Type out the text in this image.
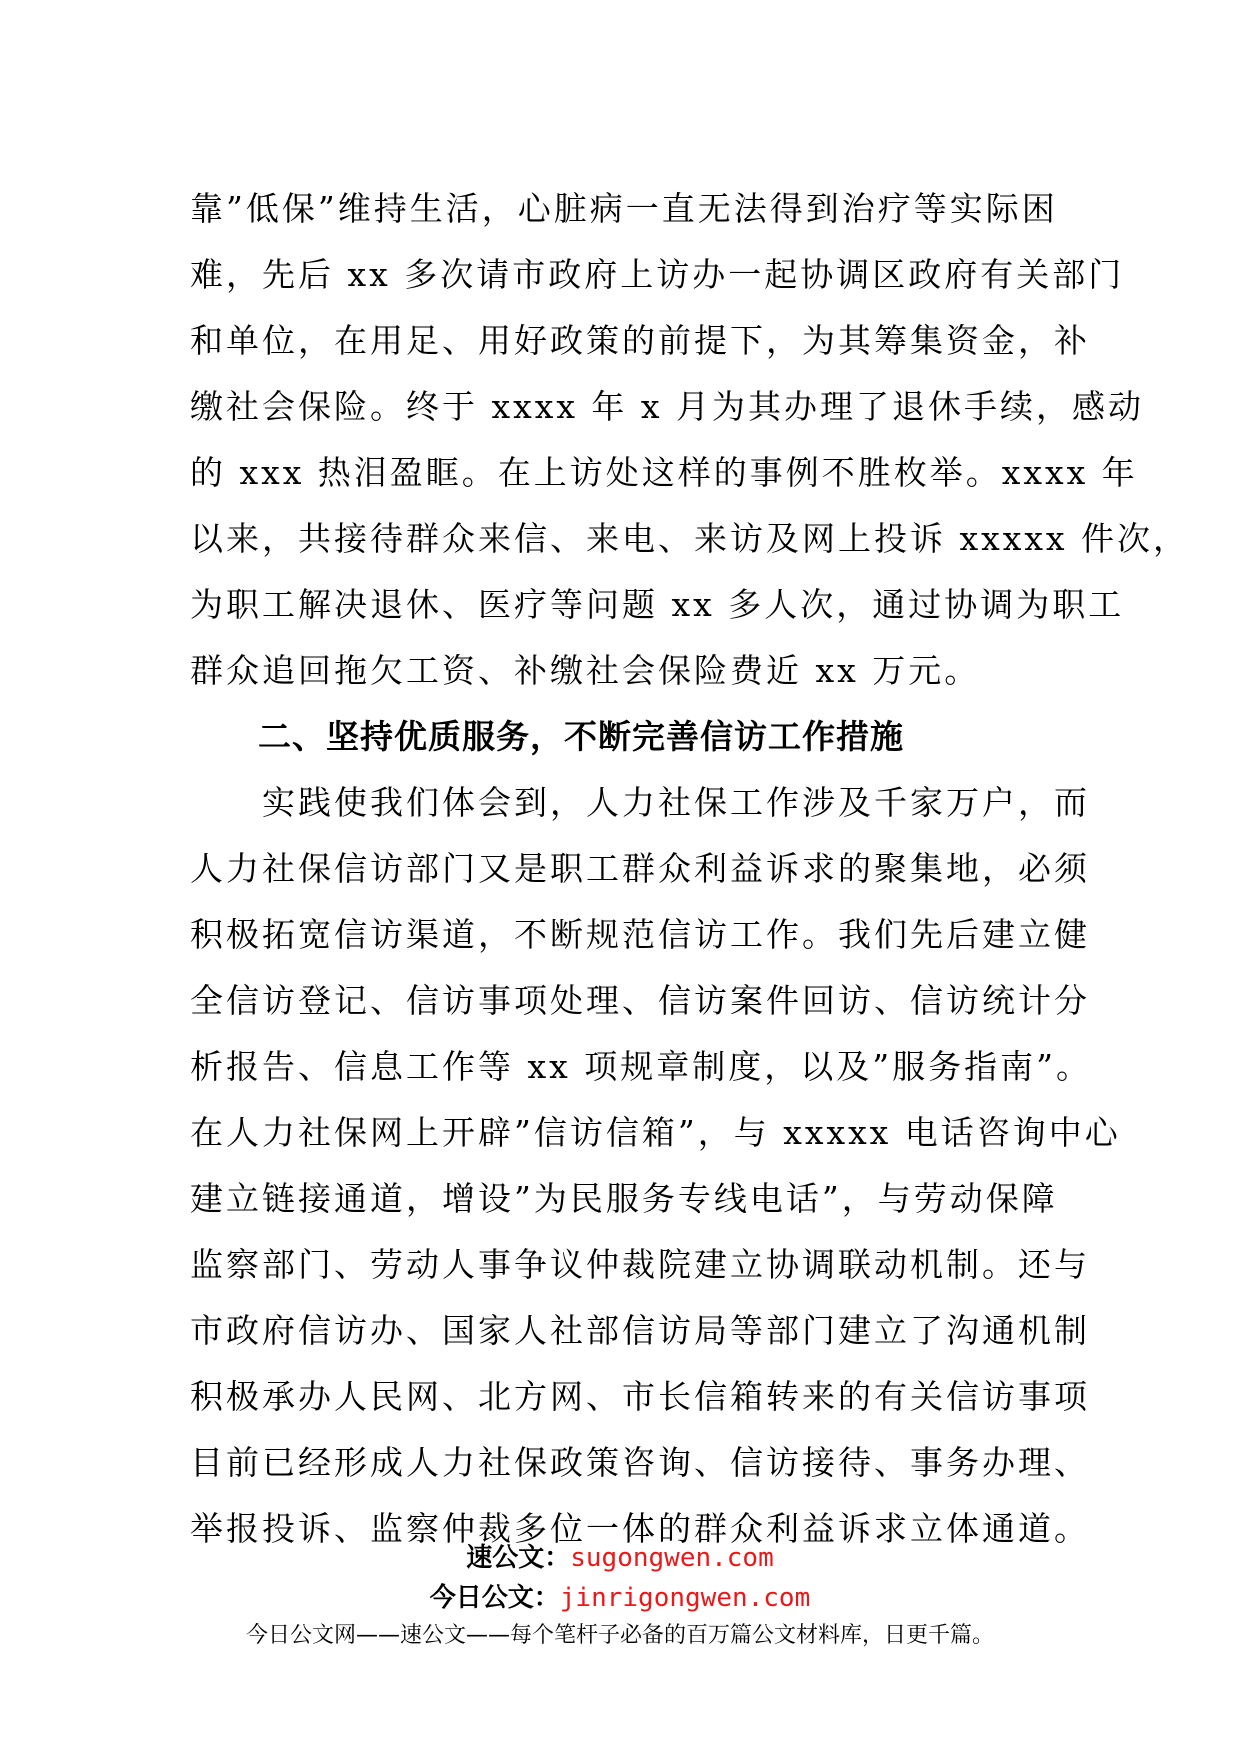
靠”低保”维持生活，心脏病一直无法得到治疗等实际困
难，先后 xx 多次请市政府上访办一起协调区政府有关部门
和单位，在用足、用好政策的前提下，为其筹集资金，补
缴社会保险。终于 xxxx 年 x 月为其办理了退休手续，感动
的 xxx 热泪盈眶。在上访处这样的事例不胜枚举。xxxx 年
以来，共接待群众来信、来电、来访及网上投诉 xxxxx 件次，
为职工解决退休、医疗等问题 xx 多人次，通过协调为职工
群众追回拖欠工资、补缴社会保险费近 xx 万元。
　　二、坚持优质服务，不断完善信访工作措施
　　实践使我们体会到，人力社保工作涉及千家万户，而
人力社保信访部门又是职工群众利益诉求的聚集地，必须
积极拓宽信访渠道，不断规范信访工作。我们先后建立健
全信访登记、信访事项处理、信访案件回访、信访统计分
析报告、信息工作等 xx 项规章制度，以及”服务指南”。
在人力社保网上开辟”信访信箱”，与 xxxxx 电话咨询中心
建立链接通道，增设”为民服务专线电话”，与劳动保障
监察部门、劳动人事争议仲裁院建立协调联动机制。还与
市政府信访办、国家人社部信访局等部门建立了沟通机制
积极承办人民网、北方网、市长信箱转来的有关信访事项
目前已经形成人力社保政策咨询、信访接待、事务办理、
举报投诉、监察仲裁多位一体的群众利益诉求立体通道。
速公文：sugongwen.com
今日公文：jinrigongwen.com
今日公文网——速公文——每个笔杆子必备的百万篇公文材料库，日更千篇。
